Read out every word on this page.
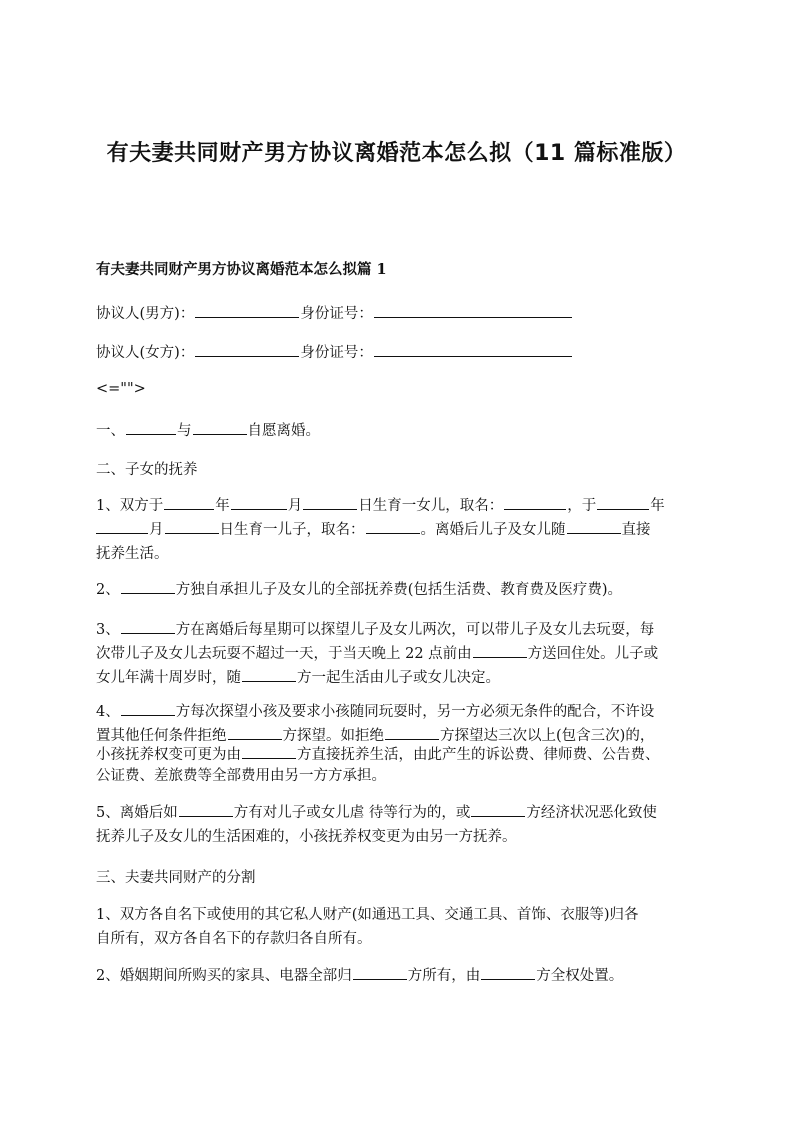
有夫妻共同财产男方协议离婚范本怎么拟（11 篇标准版）
有夫妻共同财产男方协议离婚范本怎么拟篇 1
协议人(男方)：	身份证号：
协议人(女方)：	身份证号：
<="">
一、	与	自愿离婚。
二、子女的抚养
1、双方于	年	月	日生育一女儿，取名：	，于	年
月	日生育一儿子，取名：	。离婚后儿子及女儿随	直接
抚养生活。
2、	方独自承担儿子及女儿的全部抚养费(包括生活费、教育费及医疗费)。
3、	方在离婚后每星期可以探望儿子及女儿两次，可以带儿子及女儿去玩耍，每
次带儿子及女儿去玩耍不超过一天，于当天晚上 22 点前由	方送回住处。儿子或
女儿年满十周岁时，随	方一起生活由儿子或女儿决定。
4、	方每次探望小孩及要求小孩随同玩耍时，另一方必须无条件的配合，不许设
置其他任何条件拒绝	方探望。如拒绝	方探望达三次以上(包含三次)的，
小孩抚养权变可更为由	方直接抚养生活，由此产生的诉讼费、律师费、公告费、
公证费、差旅费等全部费用由另一方方承担。
5、离婚后如	方有对儿子或女儿虐 待等行为的，或	方经济状况恶化致使
抚养儿子及女儿的生活困难的，小孩抚养权变更为由另一方抚养。
三、夫妻共同财产的分割
1、双方各自名下或使用的其它私人财产(如通迅工具、交通工具、首饰、衣服等)归各
自所有，双方各自名下的存款归各自所有。
2、婚姻期间所购买的家具、电器全部归	方所有，由	方全权处置。
